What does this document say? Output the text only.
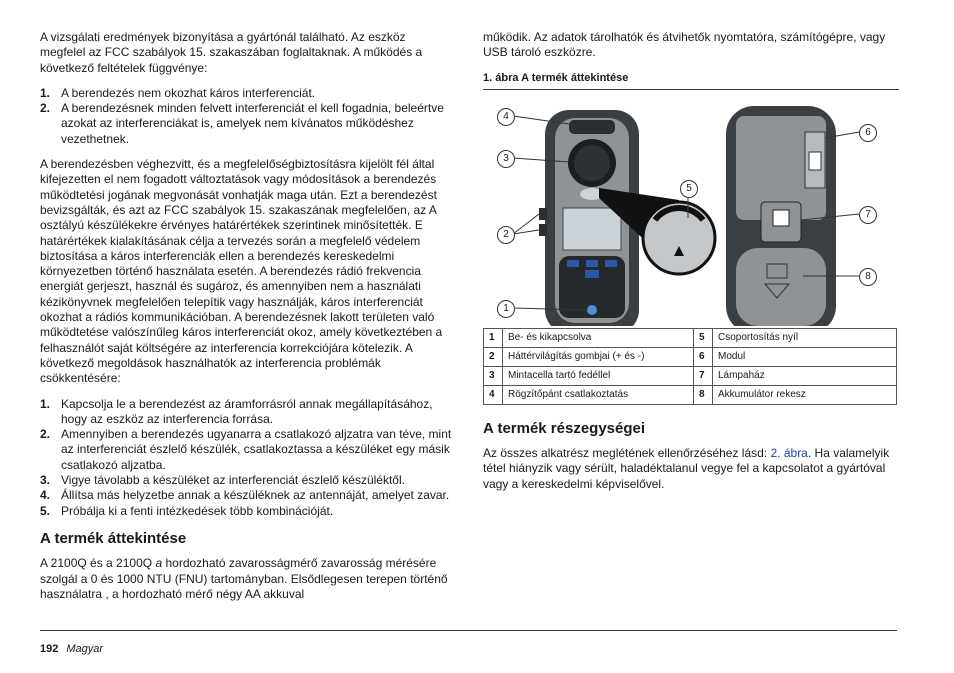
A vizsgálati eredmények bizonyítása a gyártónál található. Az eszköz megfelel az FCC szabályok 15. szakaszában foglaltaknak. A működés a következő feltételek függvénye:

1. A berendezés nem okozhat káros interferenciát.
2. A berendezésnek minden felvett interferenciát el kell fogadnia, beleértve azokat az interferenciákat is, amelyek nem kívánatos működéshez vezethetnek.

A berendezésben véghezvitt, és a megfelelőségbiztosításra kijelölt fél által kifejezetten el nem fogadott változtatások vagy módosítások a berendezés működtetési jogának megvonását vonhatják maga után. Ezt a berendezést bevizsgálták, és azt az FCC szabályok 15. szakaszának megfelelően, az A osztályú készülékekre érvényes határértékek szerintinek minősítették. E határértékek kialakításának célja a tervezés során a megfelelő védelem biztosítása a káros interferenciák ellen a berendezés kereskedelmi környezetben történő használata esetén. A berendezés rádió frekvencia energiát gerjeszt, használ és sugároz, és amennyiben nem a használati kézikönyvnek megfelelően telepítik vagy használják, káros interferenciát okozhat a rádiós kommunikációban. A berendezésnek lakott területen való működtetése valószínűleg káros interferenciát okoz, amely következtében a felhasználót saját költségére az interferencia korrekciójára kötelezik. A következő megoldások használhatók az interferencia problémák csökkentésére:

1. Kapcsolja le a berendezést az áramforrásról annak megállapításához, hogy az eszköz az interferencia forrása.
2. Amennyiben a berendezés ugyanarra a csatlakozó aljzatra van téve, mint az interferenciát észlelő készülék, csatlakoztassa a készüléket egy másik csatlakozó aljzatba.
3. Vigye távolabb a készüléket az interferenciát észlelő készüléktől.
4. Állítsa más helyzetbe annak a készüléknek az antennáját, amelyet zavar.
5. Próbálja ki a fenti intézkedések több kombinációját.
A termék áttekintése

A 2100Q és a 2100Q a hordozható zavarosságmérő zavarosság mérésére szolgál a 0 és 1000 NTU (FNU) tartományban. Elsődlegesen terepen történő használatra , a hordozható mérő négy AA akkuval

működik. Az adatok tárolhatók és átvihetők nyomtatóra, számítógépre, vagy USB tároló eszközre.

1. ábra A termék áttekintése
4
3
2
1
5
6
7
8
1	Be- és kikapcsolva	5	Csoportosítás nyíl
2	Háttérvilágítás gombjai (+ és -)	6	Modul
3	Mintacella tartó fedéllel	7	Lámpaház
4	Rögzítőpánt csatlakoztatás	8	Akkumulátor rekesz
A termék részegységei

Az összes alkatrész meglétének ellenőrzéséhez lásd: 2. ábra. Ha valamelyik tétel hiányzik vagy sérült, haladéktalanul vegye fel a kapcsolatot a gyártóval vagy a kereskedelmi képviselővel.

192 Magyar
